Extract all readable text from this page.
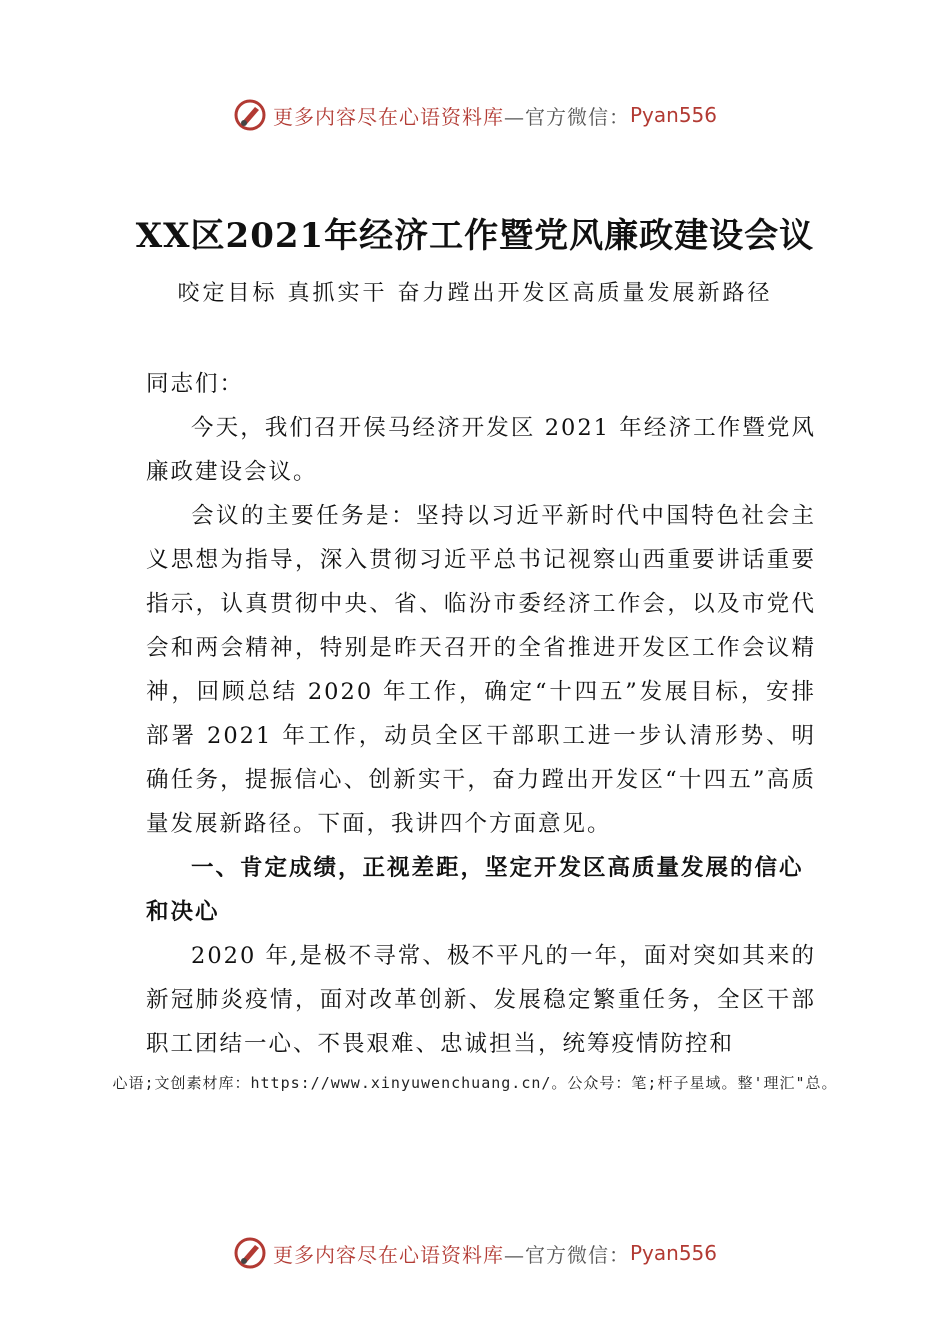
更多内容尽在心语资料库 —官方微信： Pyan556
XX区2021年经济工作暨党风廉政建设会议
咬定目标 真抓实干 奋力蹚出开发区高质量发展新路径

同志们：

今天，我们召开侯马经济开发区 2021 年经济工作暨党风廉政建设会议。

会议的主要任务是：坚持以习近平新时代中国特色社会主义思想为指导，深入贯彻习近平总书记视察山西重要讲话重要指示，认真贯彻中央、省、临汾市委经济工作会，以及市党代会和两会精神，特别是昨天召开的全省推进开发区工作会议精神，回顾总结 2020 年工作，确定“十四五”发展目标，安排部署 2021 年工作，动员全区干部职工进一步认清形势、明确任务，提振信心、创新实干，奋力蹚出开发区“十四五”高质量发展新路径。下面，我讲四个方面意见。

一、肯定成绩，正视差距，坚定开发区高质量发展的信心和决心

2020 年,是极不寻常、极不平凡的一年，面对突如其来的新冠肺炎疫情，面对改革创新、发展稳定繁重任务，全区干部职工团结一心、不畏艰难、忠诚担当，统筹疫情防控和

心语;文创素材库：https://www.xinyuwenchuang.cn/。公众号：笔;杆子星域。整'理汇"总。
更多内容尽在心语资料库 —官方微信： Pyan556
